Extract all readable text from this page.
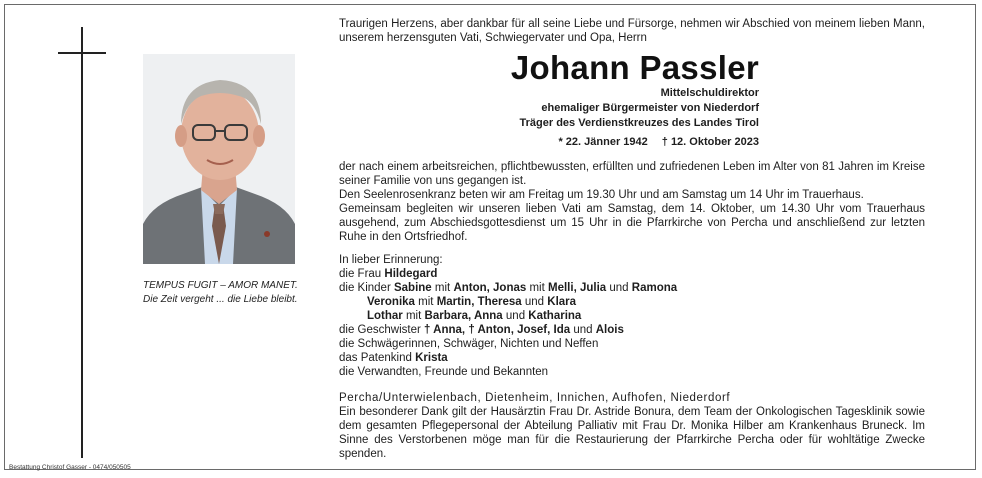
TEMPUS FUGIT – AMOR MANET.
Die Zeit vergeht ... die Liebe bleibt.
Bestattung Christof Gasser - 0474/050505

Traurigen Herzens, aber dankbar für all seine Liebe und Fürsorge, nehmen wir Abschied von meinem lieben Mann, unserem herzensguten Vati, Schwiegervater und Opa, Herrn

Johann Passler
Mittelschuldirektor
ehemaliger Bürgermeister von Niederdorf
Träger des Verdienstkreuzes des Landes Tirol
* 22. Jänner 1942 † 12. Oktober 2023

der nach einem arbeitsreichen, pflichtbewussten, erfüllten und zufriedenen Leben im Alter von 81 Jahren im Kreise seiner Familie von uns gegangen ist.

Den Seelenrosenkranz beten wir am Freitag um 19.30 Uhr und am Samstag um 14 Uhr im Trauerhaus.

Gemeinsam begleiten wir unseren lieben Vati am Samstag, dem 14. Oktober, um 14.30 Uhr vom Trauerhaus ausgehend, zum Abschiedsgottesdienst um 15 Uhr in die Pfarrkirche von Percha und anschließend zur letzten Ruhe in den Ortsfriedhof.

In lieber Erinnerung:
die Frau Hildegard
die Kinder Sabine mit Anton, Jonas mit Melli, Julia und Ramona
Veronika mit Martin, Theresa und Klara
Lothar mit Barbara, Anna und Katharina
die Geschwister † Anna, † Anton, Josef, Ida und Alois
die Schwägerinnen, Schwäger, Nichten und Neffen
das Patenkind Krista
die Verwandten, Freunde und Bekannten
Percha/Unterwielenbach, Dietenheim, Innichen, Aufhofen, Niederdorf

Ein besonderer Dank gilt der Hausärztin Frau Dr. Astride Bonura, dem Team der Onkologischen Tagesklinik sowie dem gesamten Pflegepersonal der Abteilung Palliativ mit Frau Dr. Monika Hilber am Krankenhaus Bruneck. Im Sinne des Verstorbenen möge man für die Restaurierung der Pfarrkirche Percha oder für wohltätige Zwecke spenden.
